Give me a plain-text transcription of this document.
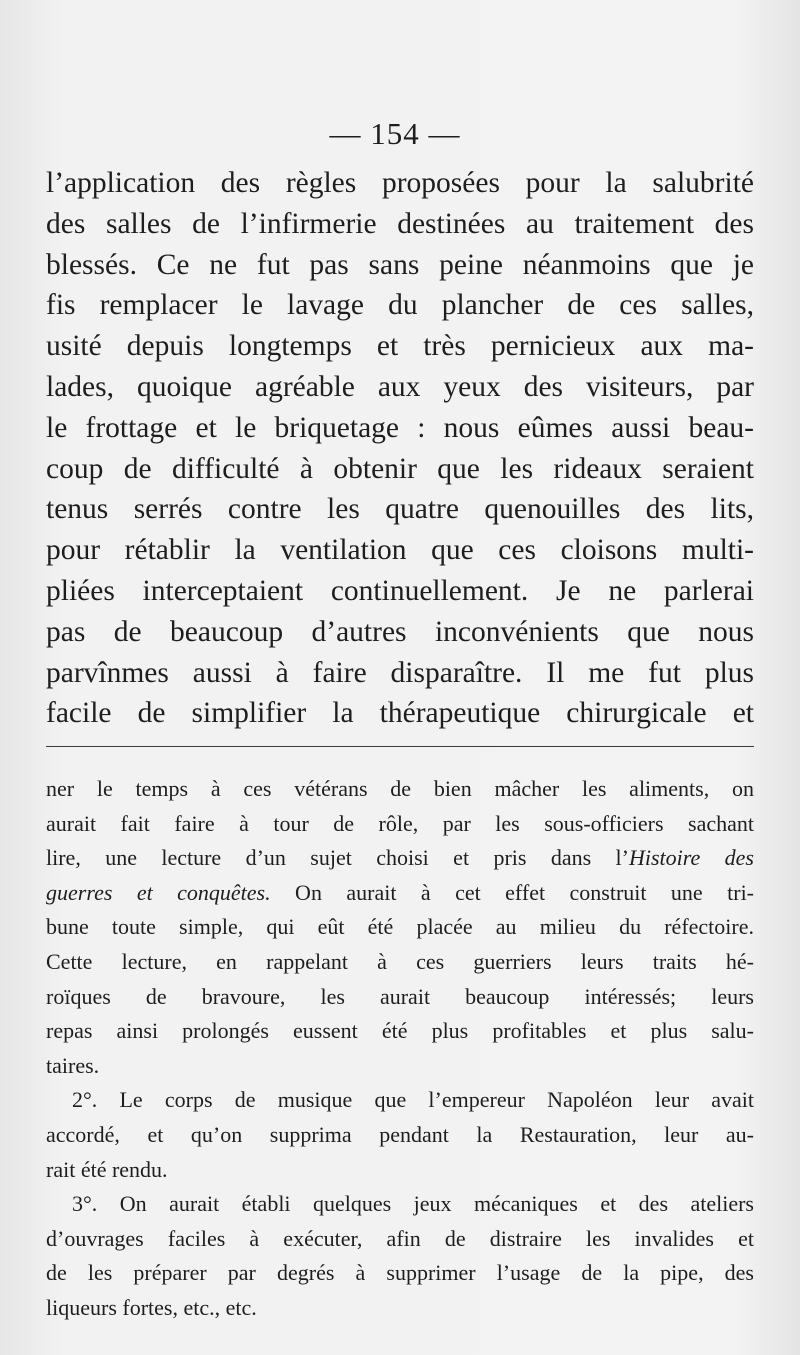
— 154 —
l’application des règles proposées pour la salubrité
des salles de l’infirmerie destinées au traitement des
blessés. Ce ne fut pas sans peine néanmoins que je
fis remplacer le lavage du plancher de ces salles,
usité depuis longtemps et très pernicieux aux ma-
lades, quoique agréable aux yeux des visiteurs, par
le frottage et le briquetage : nous eûmes aussi beau-
coup de difficulté à obtenir que les rideaux seraient
tenus serrés contre les quatre quenouilles des lits,
pour rétablir la ventilation que ces cloisons multi-
pliées interceptaient continuellement. Je ne parlerai
pas de beaucoup d’autres inconvénients que nous
parvînmes aussi à faire disparaître. Il me fut plus
facile de simplifier la thérapeutique chirurgicale et
ner le temps à ces vétérans de bien mâcher les aliments, on
aurait fait faire à tour de rôle, par les sous-officiers sachant
lire, une lecture d’un sujet choisi et pris dans l’Histoire des
guerres et conquêtes. On aurait à cet effet construit une tri-
bune toute simple, qui eût été placée au milieu du réfectoire.
Cette lecture, en rappelant à ces guerriers leurs traits hé-
roïques de bravoure, les aurait beaucoup intéressés; leurs
repas ainsi prolongés eussent été plus profitables et plus salu-
taires.
2°. Le corps de musique que l’empereur Napoléon leur avait
accordé, et qu’on supprima pendant la Restauration, leur au-
rait été rendu.
3°. On aurait établi quelques jeux mécaniques et des ateliers
d’ouvrages faciles à exécuter, afin de distraire les invalides et
de les préparer par degrés à supprimer l’usage de la pipe, des
liqueurs fortes, etc., etc.
